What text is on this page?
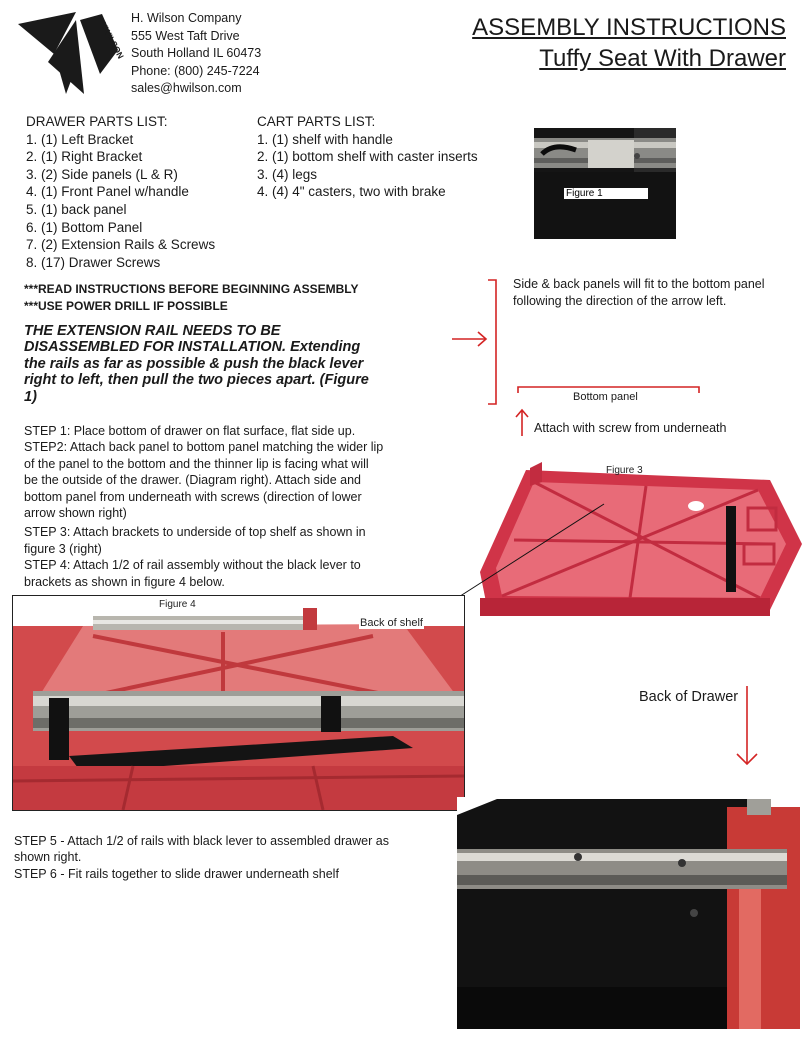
HWILSON
H. Wilson Company
555 West Taft Drive
South Holland IL 60473
Phone: (800) 245-7224
sales@hwilson.com
ASSEMBLY INSTRUCTIONS
Tuffy Seat With Drawer
DRAWER PARTS LIST:
1. (1) Left Bracket
2. (1) Right Bracket
3. (2) Side panels (L & R)
4. (1) Front Panel w/handle
5. (1) back panel
6. (1) Bottom Panel
7. (2) Extension Rails & Screws
8. (17) Drawer Screws
CART PARTS LIST:
1. (1) shelf with handle
2. (1) bottom shelf with caster inserts
3. (4) legs
4. (4) 4" casters, two with brake
***READ INSTRUCTIONS BEFORE BEGINNING ASSEMBLY
***USE POWER DRILL IF POSSIBLE
THE EXTENSION RAIL NEEDS TO BE DISASSEMBLED FOR INSTALLATION. Extending the rails as far as possible & push the black lever right to left, then pull the two pieces apart. (Figure 1)
STEP 1: Place bottom of drawer on flat surface, flat side up.
STEP2: Attach back panel to bottom panel matching the wider lip of the panel to the bottom and the thinner lip is facing what will be the outside of the drawer. (Diagram right). Attach side and bottom panel from underneath with screws (direction of lower arrow shown right)
STEP 3: Attach brackets to underside of top shelf as shown in figure 3 (right)
STEP 4: Attach 1/2 of rail assembly without the black lever to brackets as shown in figure 4 below.
Figure 1
Side & back panels will fit to the bottom panel following the direction of the arrow left.
Bottom panel
Attach with screw from underneath
Figure 3
Figure 4
Back of shelf
Back of Drawer
STEP 5 - Attach 1/2 of rails with black lever to assembled drawer as shown right.
STEP 6 - Fit rails together to slide drawer underneath shelf
